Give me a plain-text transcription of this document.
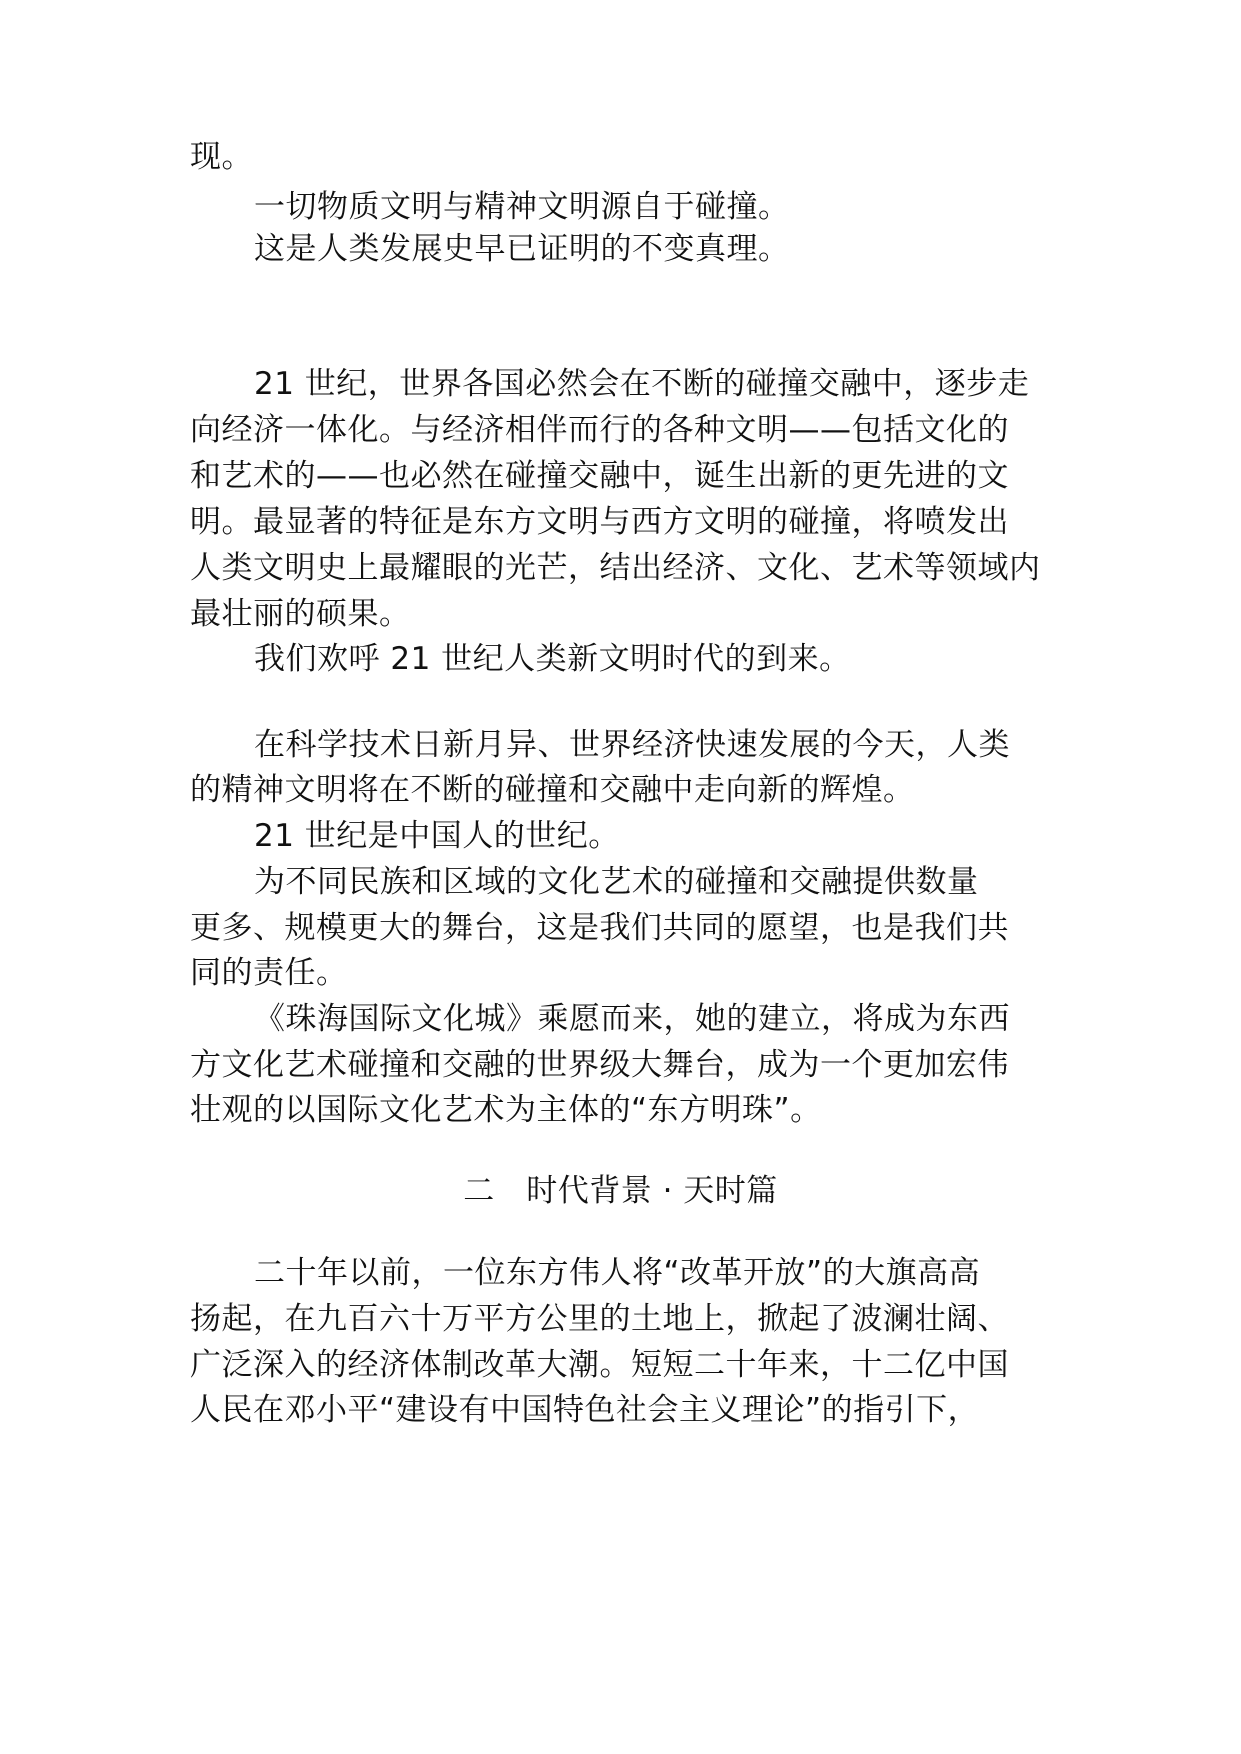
现。
一切物质文明与精神文明源自于碰撞。
这是人类发展史早已证明的不变真理。
21 世纪，世界各国必然会在不断的碰撞交融中，逐步走
向经济一体化。与经济相伴而行的各种文明——包括文化的
和艺术的——也必然在碰撞交融中，诞生出新的更先进的文
明。最显著的特征是东方文明与西方文明的碰撞，将喷发出
人类文明史上最耀眼的光芒，结出经济、文化、艺术等领域内
最壮丽的硕果。
我们欢呼 21 世纪人类新文明时代的到来。
在科学技术日新月异、世界经济快速发展的今天，人类
的精神文明将在不断的碰撞和交融中走向新的辉煌。
21 世纪是中国人的世纪。
为不同民族和区域的文化艺术的碰撞和交融提供数量
更多、规模更大的舞台，这是我们共同的愿望，也是我们共
同的责任。
《珠海国际文化城》乘愿而来，她的建立，将成为东西
方文化艺术碰撞和交融的世界级大舞台，成为一个更加宏伟
壮观的以国际文化艺术为主体的“东方明珠”。
二　时代背景 · 天时篇
二十年以前，一位东方伟人将“改革开放”的大旗高高
扬起，在九百六十万平方公里的土地上，掀起了波澜壮阔、
广泛深入的经济体制改革大潮。短短二十年来，十二亿中国
人民在邓小平“建设有中国特色社会主义理论”的指引下，
